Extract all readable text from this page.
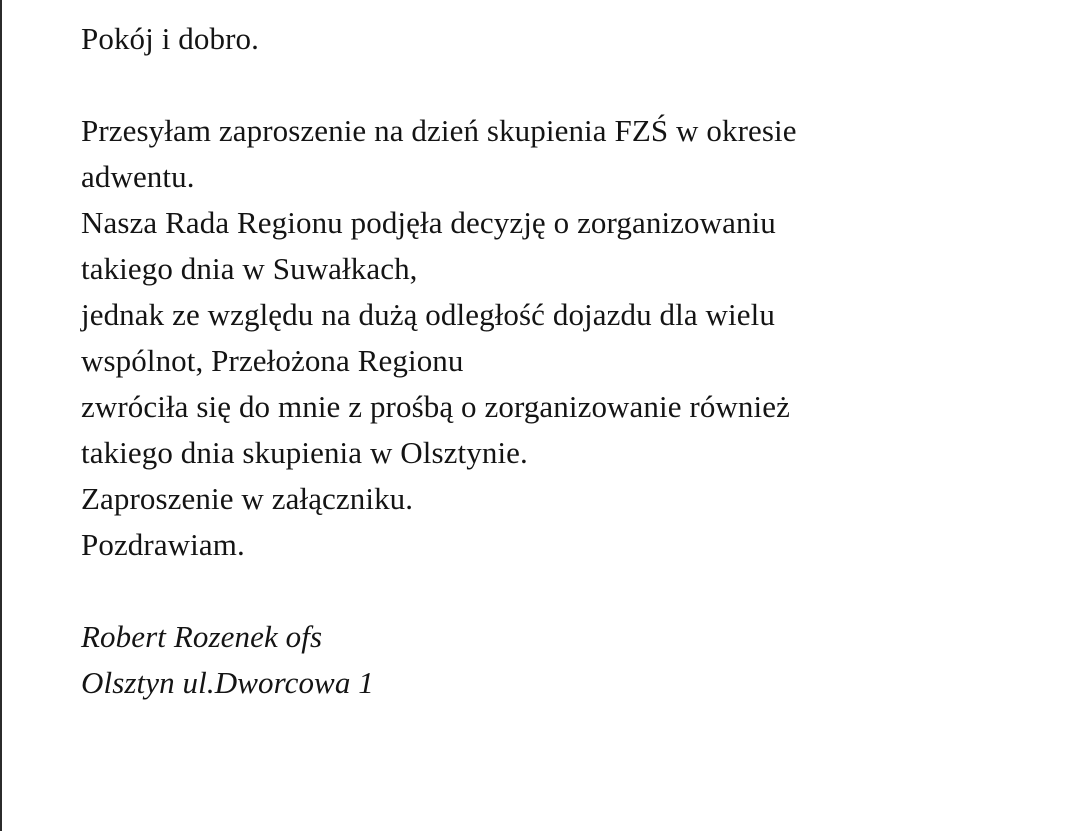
Pokój i dobro.
Przesyłam zaproszenie na dzień skupienia FZŚ w okresie
adwentu.
Nasza Rada Regionu podjęła decyzję o zorganizowaniu
takiego dnia w Suwałkach,
jednak ze względu na dużą odległość dojazdu dla wielu
wspólnot, Przełożona Regionu
zwróciła się do mnie z prośbą o zorganizowanie również
takiego dnia skupienia w Olsztynie.
Zaproszenie w załączniku.
Pozdrawiam.
Robert Rozenek ofs
Olsztyn ul.Dworcowa 1
